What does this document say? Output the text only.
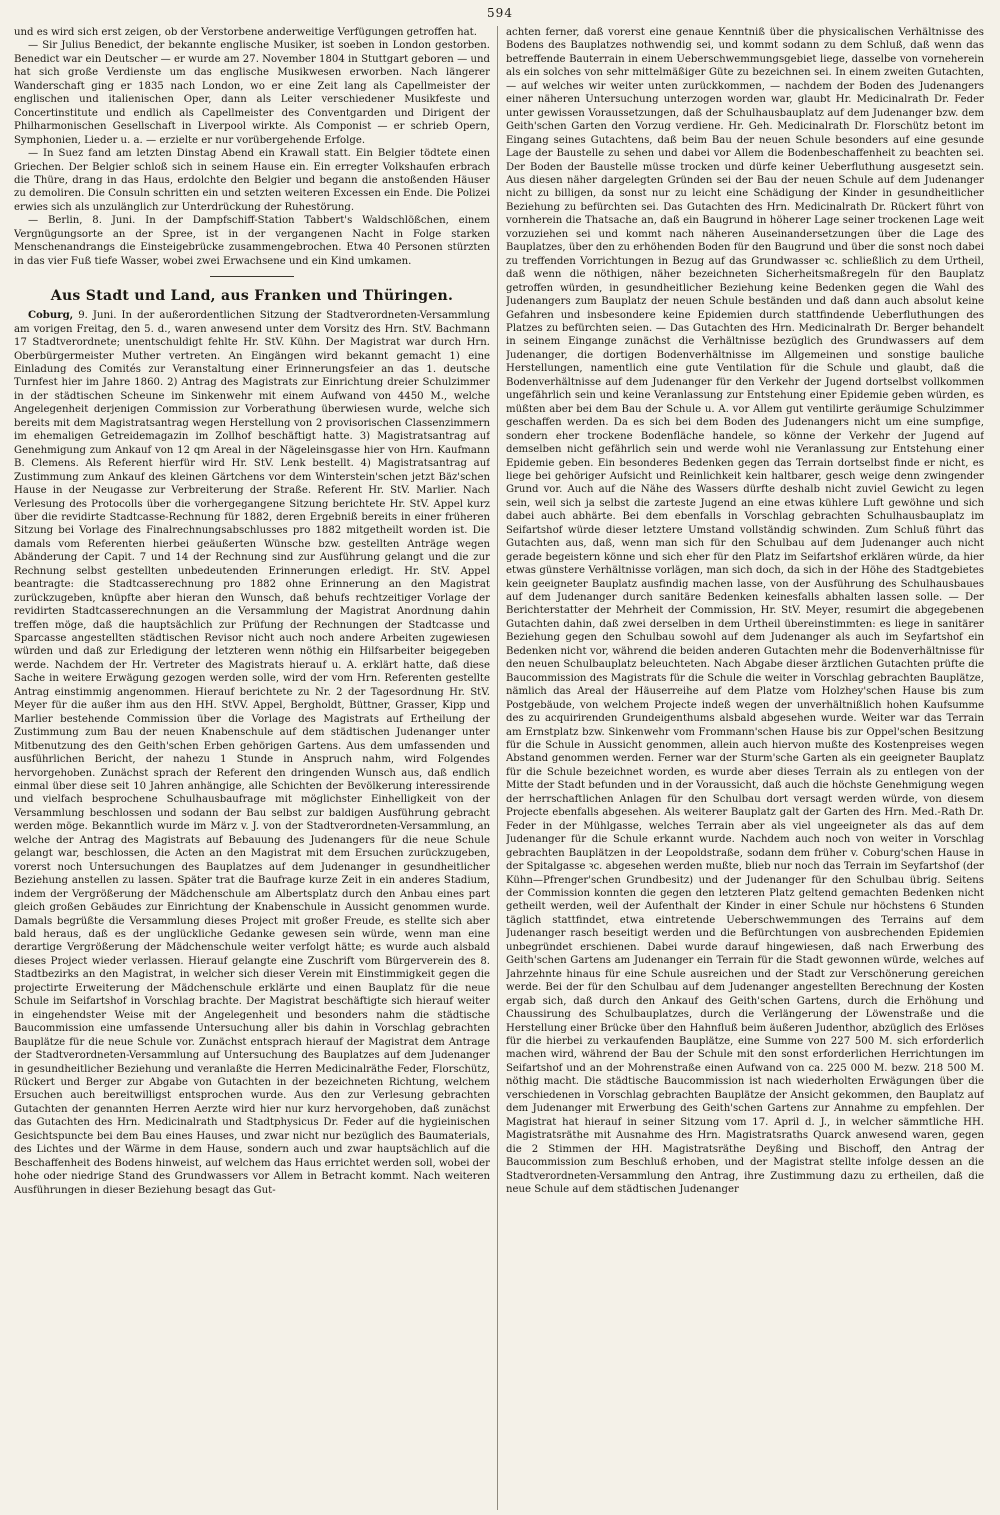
594

und es wird sich erst zeigen, ob der Verstorbene anderweitige Verfügungen getroffen hat.

— Sir Julius Benedict, der bekannte englische Musiker, ist soeben in London gestorben. Benedict war ein Deutscher — er wurde am 27. November 1804 in Stuttgart geboren — und hat sich große Verdienste um das englische Musikwesen erworben. Nach längerer Wanderschaft ging er 1835 nach London, wo er eine Zeit lang als Capellmeister der englischen und italienischen Oper, dann als Leiter verschiedener Musikfeste und Concertinstitute und endlich als Capellmeister des Conventgarden und Dirigent der Philharmonischen Gesellschaft in Liverpool wirkte. Als Componist — er schrieb Opern, Symphonien, Lieder u. a. — erzielte er nur vorübergehende Erfolge.

— In Suez fand am letzten Dinstag Abend ein Krawall statt. Ein Belgier tödtete einen Griechen. Der Belgier schloß sich in seinem Hause ein. Ein erregter Volkshaufen erbrach die Thüre, drang in das Haus, erdolchte den Belgier und begann die anstoßenden Häuser zu demoliren. Die Consuln schritten ein und setzten weiteren Excessen ein Ende. Die Polizei erwies sich als unzulänglich zur Unterdrückung der Ruhestörung.

— Berlin, 8. Juni. In der Dampfschiff-Station Tabbert's Waldschlößchen, einem Vergnügungsorte an der Spree, ist in der vergangenen Nacht in Folge starken Menschenandrangs die Einsteigebrücke zusammengebrochen. Etwa 40 Personen stürzten in das vier Fuß tiefe Wasser, wobei zwei Erwachsene und ein Kind umkamen.

Aus Stadt und Land, aus Franken und Thüringen.

Coburg, 9. Juni. In der außerordentlichen Sitzung der Stadtverordneten-Versammlung am vorigen Freitag, den 5. d., waren anwesend unter dem Vorsitz des Hrn. StV. Bachmann 17 Stadtverordnete; unentschuldigt fehlte Hr. StV. Kühn. Der Magistrat war durch Hrn. Oberbürgermeister Muther vertreten. An Eingängen wird bekannt gemacht 1) eine Einladung des Comités zur Veranstaltung einer Erinnerungsfeier an das 1. deutsche Turnfest hier im Jahre 1860. 2) Antrag des Magistrats zur Einrichtung dreier Schulzimmer in der städtischen Scheune im Sinkenwehr mit einem Aufwand von 4450 M., welche Angelegenheit derjenigen Commission zur Vorberathung überwiesen wurde, welche sich bereits mit dem Magistratsantrag wegen Herstellung von 2 provisorischen Classenzimmern im ehemaligen Getreidemagazin im Zollhof beschäftigt hatte. 3) Magistratsantrag auf Genehmigung zum Ankauf von 12 qm Areal in der Nägeleinsgasse hier von Hrn. Kaufmann B. Clemens. Als Referent hierfür wird Hr. StV. Lenk bestellt. 4) Magistratsantrag auf Zustimmung zum Ankauf des kleinen Gärtchens vor dem Winterstein'schen jetzt Bäz'schen Hause in der Neugasse zur Verbreiterung der Straße. Referent Hr. StV. Marlier. Nach Verlesung des Protocolls über die vorhergegangene Sitzung berichtete Hr. StV. Appel kurz über die revidirte Stadtcasse-Rechnung für 1882, deren Ergebniß bereits in einer früheren Sitzung bei Vorlage des Finalrechnungsabschlusses pro 1882 mitgetheilt worden ist. Die damals vom Referenten hierbei geäußerten Wünsche bzw. gestellten Anträge wegen Abänderung der Capit. 7 und 14 der Rechnung sind zur Ausführung gelangt und die zur Rechnung selbst gestellten unbedeutenden Erinnerungen erledigt. Hr. StV. Appel beantragte: die Stadtcasserechnung pro 1882 ohne Erinnerung an den Magistrat zurückzugeben, knüpfte aber hieran den Wunsch, daß behufs rechtzeitiger Vorlage der revidirten Stadtcasserechnungen an die Versammlung der Magistrat Anordnung dahin treffen möge, daß die hauptsächlich zur Prüfung der Rechnungen der Stadtcasse und Sparcasse angestellten städtischen Revisor nicht auch noch andere Arbeiten zugewiesen würden und daß zur Erledigung der letzteren wenn nöthig ein Hilfsarbeiter beigegeben werde. Nachdem der Hr. Vertreter des Magistrats hierauf u. A. erklärt hatte, daß diese Sache in weitere Erwägung gezogen werden solle, wird der vom Hrn. Referenten gestellte Antrag einstimmig angenommen. Hierauf berichtete zu Nr. 2 der Tagesordnung Hr. StV. Meyer für die außer ihm aus den HH. StVV. Appel, Bergholdt, Büttner, Grasser, Kipp und Marlier bestehende Commission über die Vorlage des Magistrats auf Ertheilung der Zustimmung zum Bau der neuen Knabenschule auf dem städtischen Judenanger unter Mitbenutzung des den Geith'schen Erben gehörigen Gartens. Aus dem umfassenden und ausführlichen Bericht, der nahezu 1 Stunde in Anspruch nahm, wird Folgendes hervorgehoben. Zunächst sprach der Referent den dringenden Wunsch aus, daß endlich einmal über diese seit 10 Jahren anhängige, alle Schichten der Bevölkerung interessirende und vielfach besprochene Schulhausbaufrage mit möglichster Einhelligkeit von der Versammlung beschlossen und sodann der Bau selbst zur baldigen Ausführung gebracht werden möge. Bekanntlich wurde im März v. J. von der Stadtverordneten-Versammlung, an welche der Antrag des Magistrats auf Bebauung des Judenangers für die neue Schule gelangt war, beschlossen, die Acten an den Magistrat mit dem Ersuchen zurückzugeben, vorerst noch Untersuchungen des Bauplatzes auf dem Judenanger in gesundheitlicher Beziehung anstellen zu lassen. Später trat die Baufrage kurze Zeit in ein anderes Stadium, indem der Vergrößerung der Mädchenschule am Albertsplatz durch den Anbau eines part gleich großen Gebäudes zur Einrichtung der Knabenschule in Aussicht genommen wurde. Damals begrüßte die Versammlung dieses Project mit großer Freude, es stellte sich aber bald heraus, daß es der unglückliche Gedanke gewesen sein würde, wenn man eine derartige Vergrößerung der Mädchenschule weiter verfolgt hätte; es wurde auch alsbald dieses Project wieder verlassen. Hierauf gelangte eine Zuschrift vom Bürgerverein des 8. Stadtbezirks an den Magistrat, in welcher sich dieser Verein mit Einstimmigkeit gegen die projectirte Erweiterung der Mädchenschule erklärte und einen Bauplatz für die neue Schule im Seifartshof in Vorschlag brachte. Der Magistrat beschäftigte sich hierauf weiter in eingehendster Weise mit der Angelegenheit und besonders nahm die städtische Baucommission eine umfassende Untersuchung aller bis dahin in Vorschlag gebrachten Bauplätze für die neue Schule vor. Zunächst entsprach hierauf der Magistrat dem Antrage der Stadtverordneten-Versammlung auf Untersuchung des Bauplatzes auf dem Judenanger in gesundheitlicher Beziehung und veranlaßte die Herren Medicinalräthe Feder, Florschütz, Rückert und Berger zur Abgabe von Gutachten in der bezeichneten Richtung, welchem Ersuchen auch bereitwilligst entsprochen wurde. Aus den zur Verlesung gebrachten Gutachten der genannten Herren Aerzte wird hier nur kurz hervorgehoben, daß zunächst das Gutachten des Hrn. Medicinalrath und Stadtphysicus Dr. Feder auf die hygieinischen Gesichtspuncte bei dem Bau eines Hauses, und zwar nicht nur bezüglich des Baumaterials, des Lichtes und der Wärme in dem Hause, sondern auch und zwar hauptsächlich auf die Beschaffenheit des Bodens hinweist, auf welchem das Haus errichtet werden soll, wobei der hohe oder niedrige Stand des Grundwassers vor Allem in Betracht kommt. Nach weiteren Ausführungen in dieser Beziehung besagt das Gut-

achten ferner, daß vorerst eine genaue Kenntniß über die physicalischen Verhältnisse des Bodens des Bauplatzes nothwendig sei, und kommt sodann zu dem Schluß, daß wenn das betreffende Bauterrain in einem Ueberschwemmungsgebiet liege, dasselbe von vorneherein als ein solches von sehr mittelmäßiger Güte zu bezeichnen sei. In einem zweiten Gutachten, — auf welches wir weiter unten zurückkommen, — nachdem der Boden des Judenangers einer näheren Untersuchung unterzogen worden war, glaubt Hr. Medicinalrath Dr. Feder unter gewissen Voraussetzungen, daß der Schulhausbauplatz auf dem Judenanger bzw. dem Geith'schen Garten den Vorzug verdiene. Hr. Geh. Medicinalrath Dr. Florschütz betont im Eingang seines Gutachtens, daß beim Bau der neuen Schule besonders auf eine gesunde Lage der Baustelle zu sehen und dabei vor Allem die Bodenbeschaffenheit zu beachten sei. Der Boden der Baustelle müsse trocken und dürfe keiner Ueberfluthung ausgesetzt sein. Aus diesen näher dargelegten Gründen sei der Bau der neuen Schule auf dem Judenanger nicht zu billigen, da sonst nur zu leicht eine Schädigung der Kinder in gesundheitlicher Beziehung zu befürchten sei. Das Gutachten des Hrn. Medicinalrath Dr. Rückert führt von vornherein die Thatsache an, daß ein Baugrund in höherer Lage seiner trockenen Lage weit vorzuziehen sei und kommt nach näheren Auseinandersetzungen über die Lage des Bauplatzes, über den zu erhöhenden Boden für den Baugrund und über die sonst noch dabei zu treffenden Vorrichtungen in Bezug auf das Grundwasser ꝛc. schließlich zu dem Urtheil, daß wenn die nöthigen, näher bezeichneten Sicherheitsmaßregeln für den Bauplatz getroffen würden, in gesundheitlicher Beziehung keine Bedenken gegen die Wahl des Judenangers zum Bauplatz der neuen Schule beständen und daß dann auch absolut keine Gefahren und insbesondere keine Epidemien durch stattfindende Ueberfluthungen des Platzes zu befürchten seien. — Das Gutachten des Hrn. Medicinalrath Dr. Berger behandelt in seinem Eingange zunächst die Verhältnisse bezüglich des Grundwassers auf dem Judenanger, die dortigen Bodenverhältnisse im Allgemeinen und sonstige bauliche Herstellungen, namentlich eine gute Ventilation für die Schule und glaubt, daß die Bodenverhältnisse auf dem Judenanger für den Verkehr der Jugend dortselbst vollkommen ungefährlich sein und keine Veranlassung zur Entstehung einer Epidemie geben würden, es müßten aber bei dem Bau der Schule u. A. vor Allem gut ventilirte geräumige Schulzimmer geschaffen werden. Da es sich bei dem Boden des Judenangers nicht um eine sumpfige, sondern eher trockene Bodenfläche handele, so könne der Verkehr der Jugend auf demselben nicht gefährlich sein und werde wohl nie Veranlassung zur Entstehung einer Epidemie geben. Ein besonderes Bedenken gegen das Terrain dortselbst finde er nicht, es liege bei gehöriger Aufsicht und Reinlichkeit kein haltbarer, gesch weige denn zwingender Grund vor. Auch auf die Nähe des Wassers dürfte deshalb nicht zuviel Gewicht zu legen sein, weil sich ja selbst die zarteste Jugend an eine etwas kühlere Luft gewöhne und sich dabei auch abhärte. Bei dem ebenfalls in Vorschlag gebrachten Schulhausbauplatz im Seifartshof würde dieser letztere Umstand vollständig schwinden. Zum Schluß führt das Gutachten aus, daß, wenn man sich für den Schulbau auf dem Judenanger auch nicht gerade begeistern könne und sich eher für den Platz im Seifartshof erklären würde, da hier etwas günstere Verhältnisse vorlägen, man sich doch, da sich in der Höhe des Stadtgebietes kein geeigneter Bauplatz ausfindig machen lasse, von der Ausführung des Schulhausbaues auf dem Judenanger durch sanitäre Bedenken keinesfalls abhalten lassen solle. — Der Berichterstatter der Mehrheit der Commission, Hr. StV. Meyer, resumirt die abgegebenen Gutachten dahin, daß zwei derselben in dem Urtheil übereinstimmten: es liege in sanitärer Beziehung gegen den Schulbau sowohl auf dem Judenanger als auch im Seyfartshof ein Bedenken nicht vor, während die beiden anderen Gutachten mehr die Bodenverhältnisse für den neuen Schulbauplatz beleuchteten. Nach Abgabe dieser ärztlichen Gutachten prüfte die Baucommission des Magistrats für die Schule die weiter in Vorschlag gebrachten Bauplätze, nämlich das Areal der Häuserreihe auf dem Platze vom Holzhey'schen Hause bis zum Postgebäude, von welchem Projecte indeß wegen der unverhältnißlich hohen Kaufsumme des zu acquirirenden Grundeigenthums alsbald abgesehen wurde. Weiter war das Terrain am Ernstplatz bzw. Sinkenwehr vom Frommann'schen Hause bis zur Oppel'schen Besitzung für die Schule in Aussicht genommen, allein auch hiervon mußte des Kostenpreises wegen Abstand genommen werden. Ferner war der Sturm'sche Garten als ein geeigneter Bauplatz für die Schule bezeichnet worden, es wurde aber dieses Terrain als zu entlegen von der Mitte der Stadt befunden und in der Voraussicht, daß auch die höchste Genehmigung wegen der herrschaftlichen Anlagen für den Schulbau dort versagt werden würde, von diesem Projecte ebenfalls abgesehen. Als weiterer Bauplatz galt der Garten des Hrn. Med.-Rath Dr. Feder in der Mühlgasse, welches Terrain aber als viel ungeeigneter als das auf dem Judenanger für die Schule erkannt wurde. Nachdem auch noch von weiter in Vorschlag gebrachten Bauplätzen in der Leopoldstraße, sodann dem früher v. Coburg'schen Hause in der Spitalgasse ꝛc. abgesehen werden mußte, blieb nur noch das Terrain im Seyfartshof (der Kühn—Pfrenger'schen Grundbesitz) und der Judenanger für den Schulbau übrig. Seitens der Commission konnten die gegen den letzteren Platz geltend gemachten Bedenken nicht getheilt werden, weil der Aufenthalt der Kinder in einer Schule nur höchstens 6 Stunden täglich stattfindet, etwa eintretende Ueberschwemmungen des Terrains auf dem Judenanger rasch beseitigt werden und die Befürchtungen von ausbrechenden Epidemien unbegründet erschienen. Dabei wurde darauf hingewiesen, daß nach Erwerbung des Geith'schen Gartens am Judenanger ein Terrain für die Stadt gewonnen würde, welches auf Jahrzehnte hinaus für eine Schule ausreichen und der Stadt zur Verschönerung gereichen werde. Bei der für den Schulbau auf dem Judenanger angestellten Berechnung der Kosten ergab sich, daß durch den Ankauf des Geith'schen Gartens, durch die Erhöhung und Chaussirung des Schulbauplatzes, durch die Verlängerung der Löwenstraße und die Herstellung einer Brücke über den Hahnfluß beim äußeren Judenthor, abzüglich des Erlöses für die hierbei zu verkaufenden Bauplätze, eine Summe von 227 500 M. sich erforderlich machen wird, während der Bau der Schule mit den sonst erforderlichen Herrichtungen im Seifartshof und an der Mohrenstraße einen Aufwand von ca. 225 000 M. bezw. 218 500 M. nöthig macht. Die städtische Baucommission ist nach wiederholten Erwägungen über die verschiedenen in Vorschlag gebrachten Bauplätze der Ansicht gekommen, den Bauplatz auf dem Judenanger mit Erwerbung des Geith'schen Gartens zur Annahme zu empfehlen. Der Magistrat hat hierauf in seiner Sitzung vom 17. April d. J., in welcher sämmtliche HH. Magistratsräthe mit Ausnahme des Hrn. Magistratsraths Quarck anwesend waren, gegen die 2 Stimmen der HH. Magistratsräthe Deyßing und Bischoff, den Antrag der Baucommission zum Beschluß erhoben, und der Magistrat stellte infolge dessen an die Stadtverordneten-Versammlung den Antrag, ihre Zustimmung dazu zu ertheilen, daß die neue Schule auf dem städtischen Judenanger
